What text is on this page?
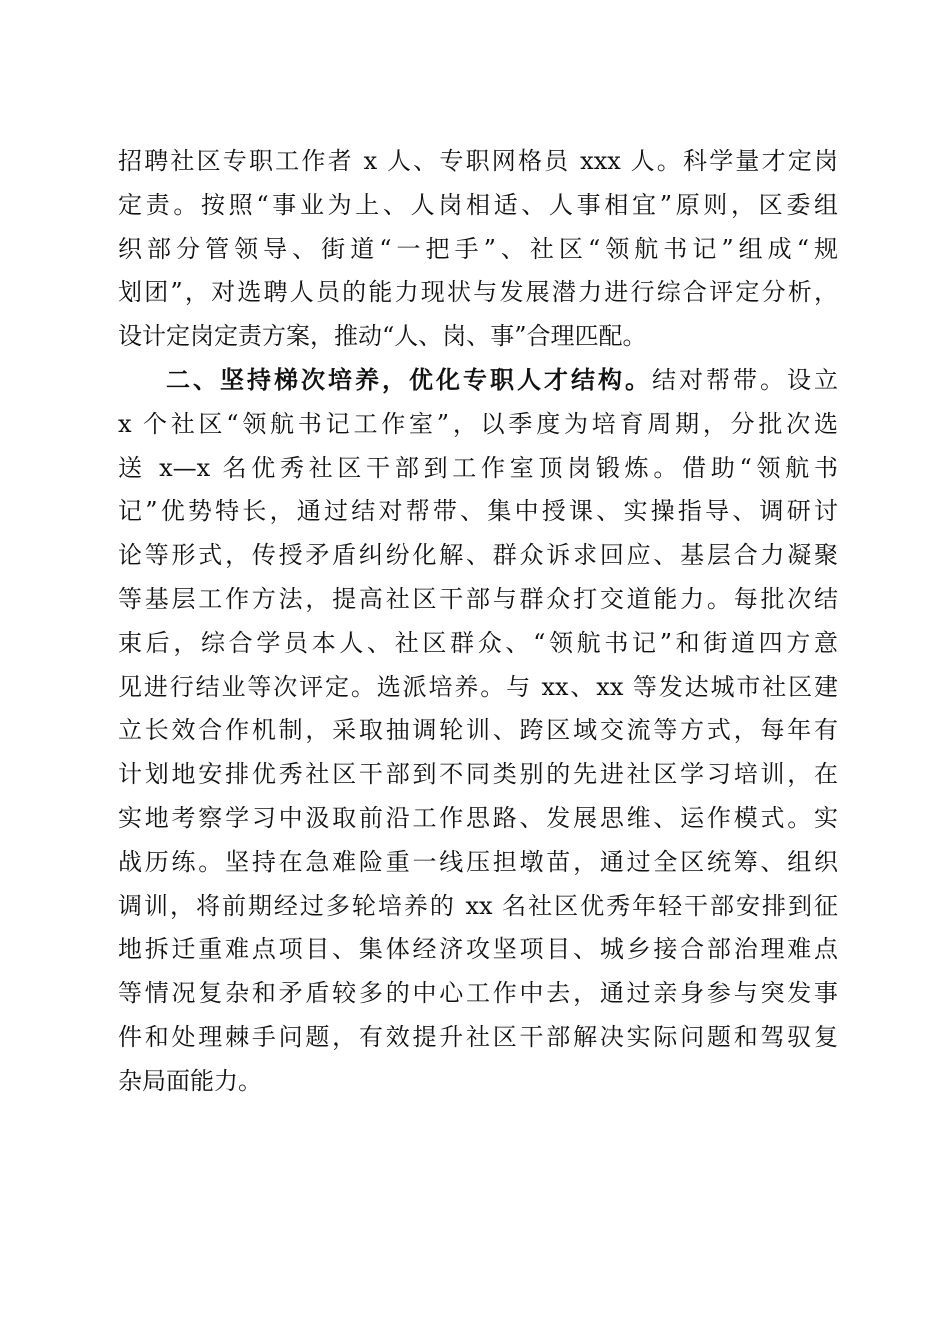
招聘社区专职工作者 x 人、专职网格员 xxx 人。科学量才定岗
定责。按照“事业为上、人岗相适、人事相宜”原则，区委组
织部分管领导、街道“一把手”、社区“领航书记”组成“规
划团”，对选聘人员的能力现状与发展潜力进行综合评定分析，
设计定岗定责方案，推动“人、岗、事”合理匹配。
二、坚持梯次培养，优化专职人才结构。结对帮带。设立
x 个社区“领航书记工作室”，以季度为培育周期，分批次选
送 x—x 名优秀社区干部到工作室顶岗锻炼。借助“领航书
记”优势特长，通过结对帮带、集中授课、实操指导、调研讨
论等形式，传授矛盾纠纷化解、群众诉求回应、基层合力凝聚
等基层工作方法，提高社区干部与群众打交道能力。每批次结
束后，综合学员本人、社区群众、“领航书记”和街道四方意
见进行结业等次评定。选派培养。与 xx、xx 等发达城市社区建
立长效合作机制，采取抽调轮训、跨区域交流等方式，每年有
计划地安排优秀社区干部到不同类别的先进社区学习培训，在
实地考察学习中汲取前沿工作思路、发展思维、运作模式。实
战历练。坚持在急难险重一线压担墩苗，通过全区统筹、组织
调训，将前期经过多轮培养的 xx 名社区优秀年轻干部安排到征
地拆迁重难点项目、集体经济攻坚项目、城乡接合部治理难点
等情况复杂和矛盾较多的中心工作中去，通过亲身参与突发事
件和处理棘手问题，有效提升社区干部解决实际问题和驾驭复
杂局面能力。
